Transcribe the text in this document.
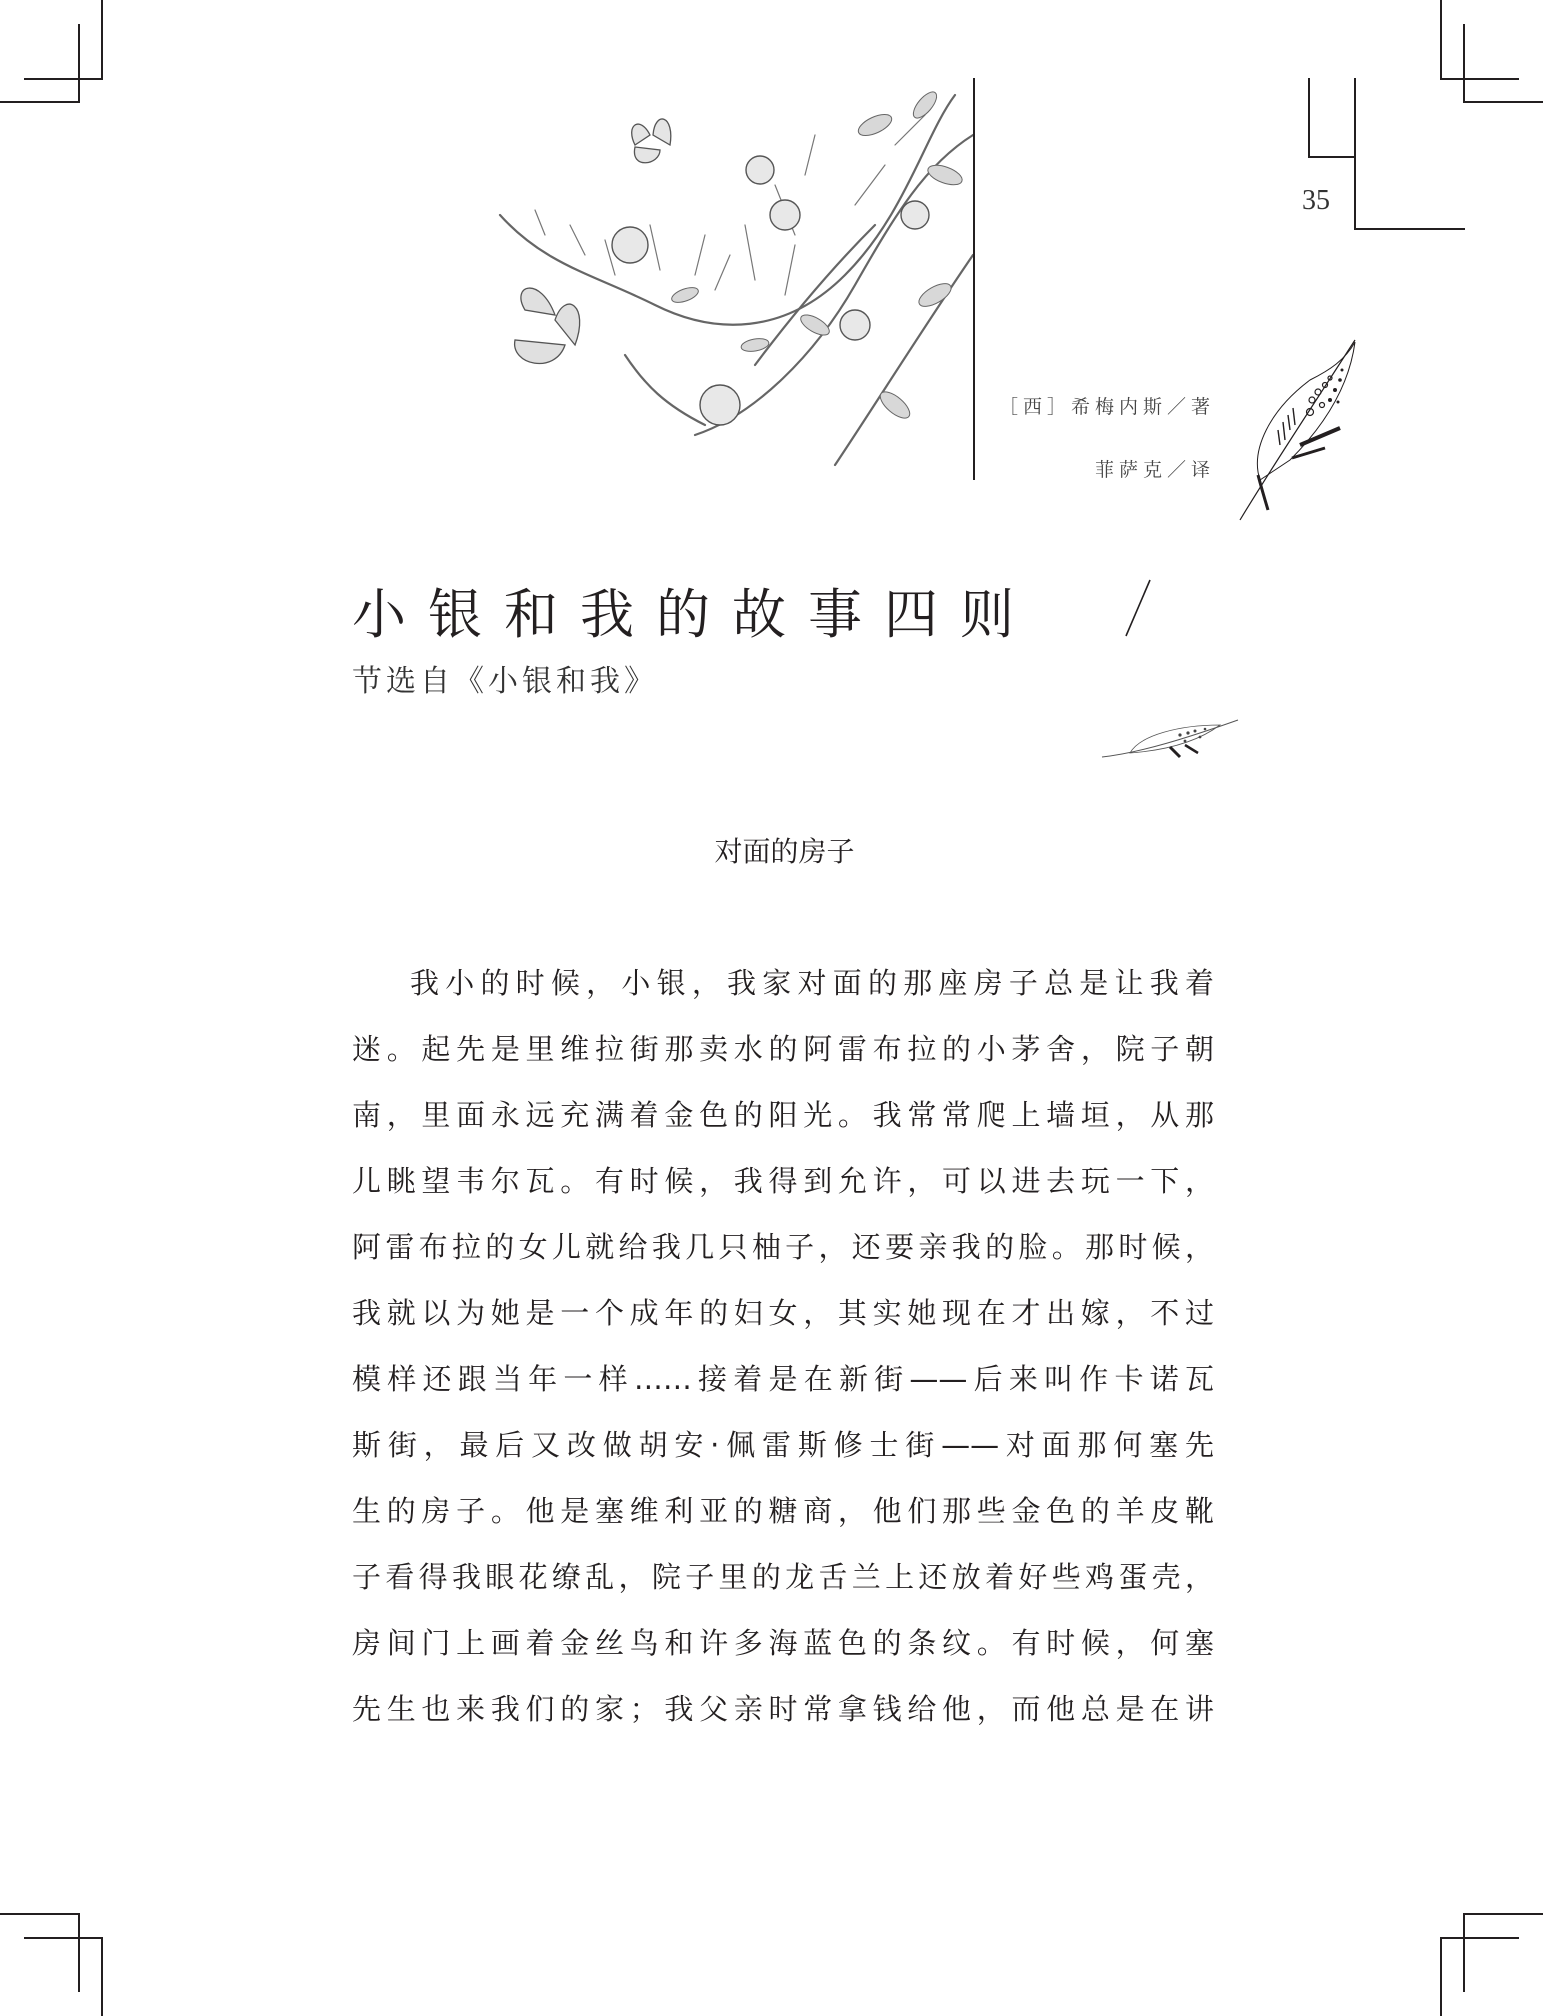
35
［西］希梅内斯／著
菲萨克／译
小银和我的故事四则
节选自《小银和我》
对面的房子
我小的时候，小银，我家对面的那座房子总是让我着
迷。起先是里维拉街那卖水的阿雷布拉的小茅舍，院子朝
南，里面永远充满着金色的阳光。我常常爬上墙垣，从那
儿眺望韦尔瓦。有时候，我得到允许，可以进去玩一下，
阿雷布拉的女儿就给我几只柚子，还要亲我的脸。那时候，
我就以为她是一个成年的妇女，其实她现在才出嫁，不过
模样还跟当年一样……接着是在新街——后来叫作卡诺瓦
斯街，最后又改做胡安·佩雷斯修士街——对面那何塞先
生的房子。他是塞维利亚的糖商，他们那些金色的羊皮靴
子看得我眼花缭乱，院子里的龙舌兰上还放着好些鸡蛋壳，
房间门上画着金丝鸟和许多海蓝色的条纹。有时候，何塞
先生也来我们的家；我父亲时常拿钱给他，而他总是在讲
